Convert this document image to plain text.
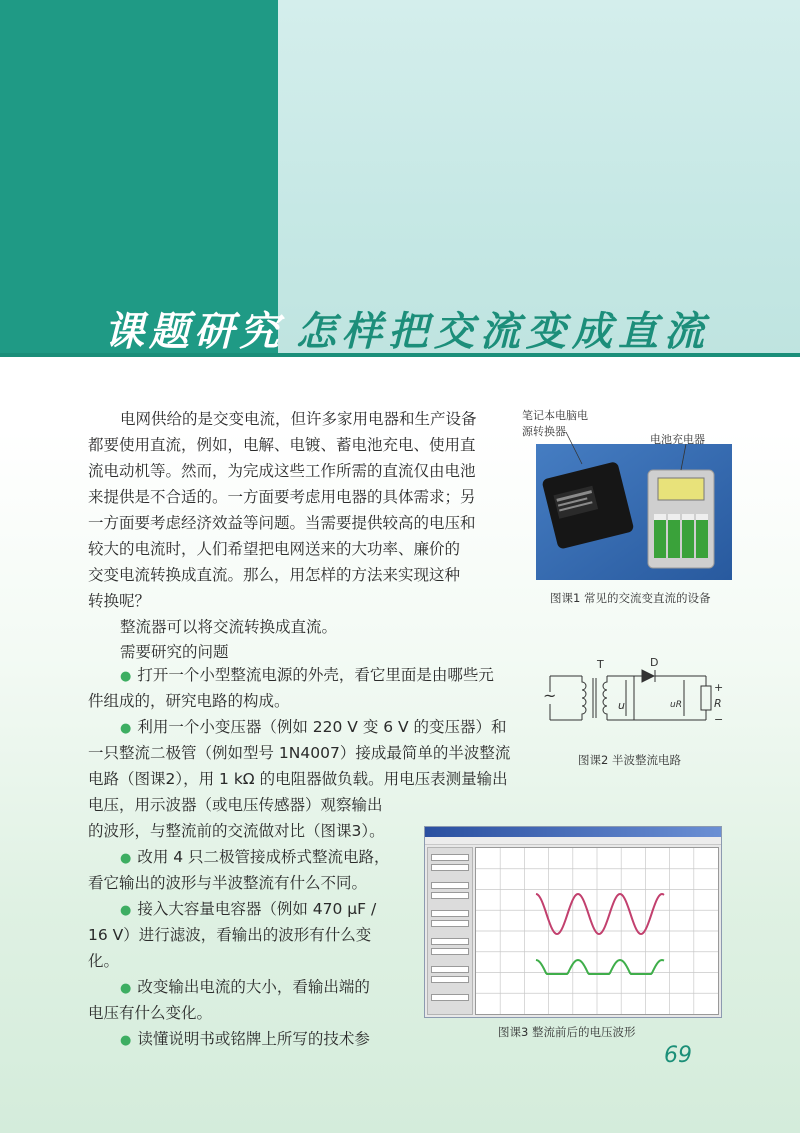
课题研究 怎样把交流变成直流

电网供给的是交变电流，但许多家用电器和生产设备

都要使用直流，例如，电解、电镀、蓄电池充电、使用直

流电动机等。然而，为完成这些工作所需的直流仅由电池

来提供是不合适的。一方面要考虑用电器的具体需求；另

一方面要考虑经济效益等问题。当需要提供较高的电压和

较大的电流时，人们希望把电网送来的大功率、廉价的

交变电流转换成直流。那么，用怎样的方法来实现这种

转换呢？

整流器可以将交流转换成直流。

需要研究的问题

● 打开一个小型整流电源的外壳，看它里面是由哪些元

件组成的，研究电路的构成。

● 利用一个小变压器（例如 220 V 变 6 V 的变压器）和

一只整流二极管（例如型号 1N4007）接成最简单的半波整流

电路（图课2），用 1 kΩ 的电阻器做负载。用电压表测量输出

电压，用示波器（或电压传感器）观察输出

的波形，与整流前的交流做对比（图课3）。

● 改用 4 只二极管接成桥式整流电路，

看它输出的波形与半波整流有什么不同。

● 接入大容量电容器（例如 470 μF /

16 V）进行滤波，看输出的波形有什么变

化。

● 改变输出电流的大小，看输出端的

电压有什么变化。

● 读懂说明书或铭牌上所写的技术参

笔记本电脑电
源转换器
电池充电器
图课1 常见的交流变直流的设备
~
T	D
u	uR	R
+
−
图课2 半波整流电路
图课3 整流前后的电压波形
69
